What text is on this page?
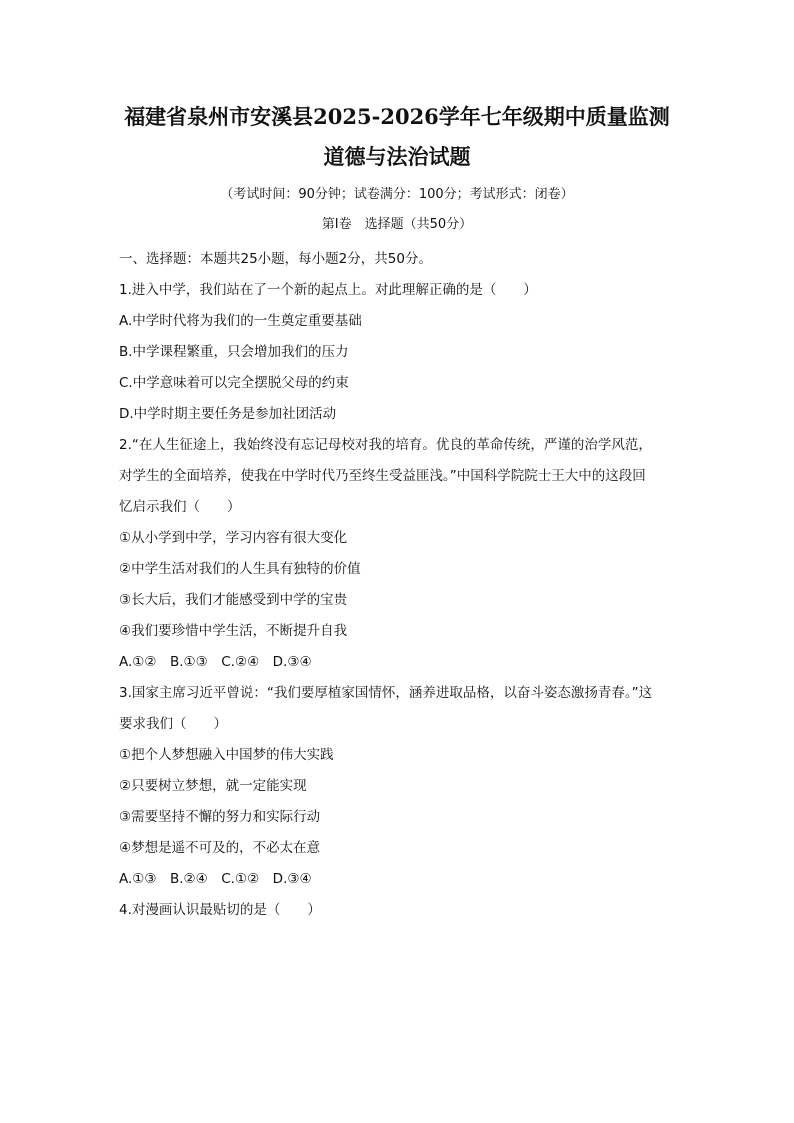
福建省泉州市安溪县2025-2026学年七年级期中质量监测
道德与法治试题
（考试时间：90分钟；试卷满分：100分；考试形式：闭卷）
第Ⅰ卷　选择题（共50分）
一、选择题：本题共25小题，每小题2分，共50分。
1.进入中学，我们站在了一个新的起点上。对此理解正确的是（　　）
A.中学时代将为我们的一生奠定重要基础
B.中学课程繁重，只会增加我们的压力
C.中学意味着可以完全摆脱父母的约束
D.中学时期主要任务是参加社团活动
2.“在人生征途上，我始终没有忘记母校对我的培育。优良的革命传统，严谨的治学风范，
对学生的全面培养，使我在中学时代乃至终生受益匪浅。”中国科学院院士王大中的这段回
忆启示我们（　　）
①从小学到中学，学习内容有很大变化
②中学生活对我们的人生具有独特的价值
③长大后，我们才能感受到中学的宝贵
④我们要珍惜中学生活，不断提升自我
A.①②　B.①③　C.②④　D.③④
3.国家主席习近平曾说：“我们要厚植家国情怀，涵养进取品格，以奋斗姿态激扬青春。”这
要求我们（　　）
①把个人梦想融入中国梦的伟大实践
②只要树立梦想，就一定能实现
③需要坚持不懈的努力和实际行动
④梦想是遥不可及的，不必太在意
A.①③　B.②④　C.①②　D.③④
4.对漫画认识最贴切的是（　　）
